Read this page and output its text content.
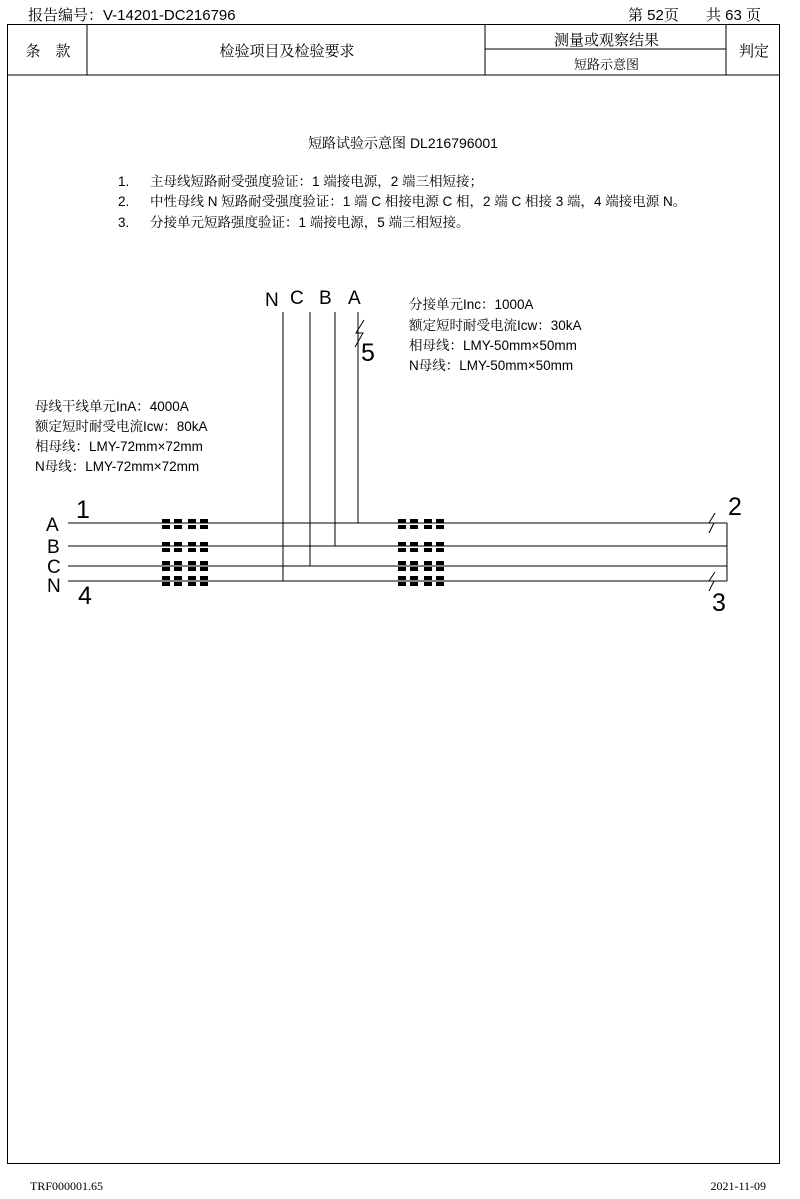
报告编号：V-14201-DC216796	第 52页 共 63 页
条　款	检验项目及检验要求
测量或观察结果
短路示意图
判定
短路试验示意图 DL216796001
1. 主母线短路耐受强度验证：1 端接电源，2 端三相短接；
2. 中性母线 N 短路耐受强度验证：1 端 C 相接电源 C 相，2 端 C 相接 3 端，4 端接电源 N。
3. 分接单元短路强度验证：1 端接电源，5 端三相短接。
N C B A
5
分接单元Inc：1000A
额定短时耐受电流Icw：30kA
相母线：LMY-50mm×50mm
N母线：LMY-50mm×50mm
母线干线单元InA：4000A
额定短时耐受电流Icw：80kA
相母线：LMY-72mm×72mm
N母线：LMY-72mm×72mm
A
B
C
N
1	2
3
4
TRF000001.65	2021-11-09
